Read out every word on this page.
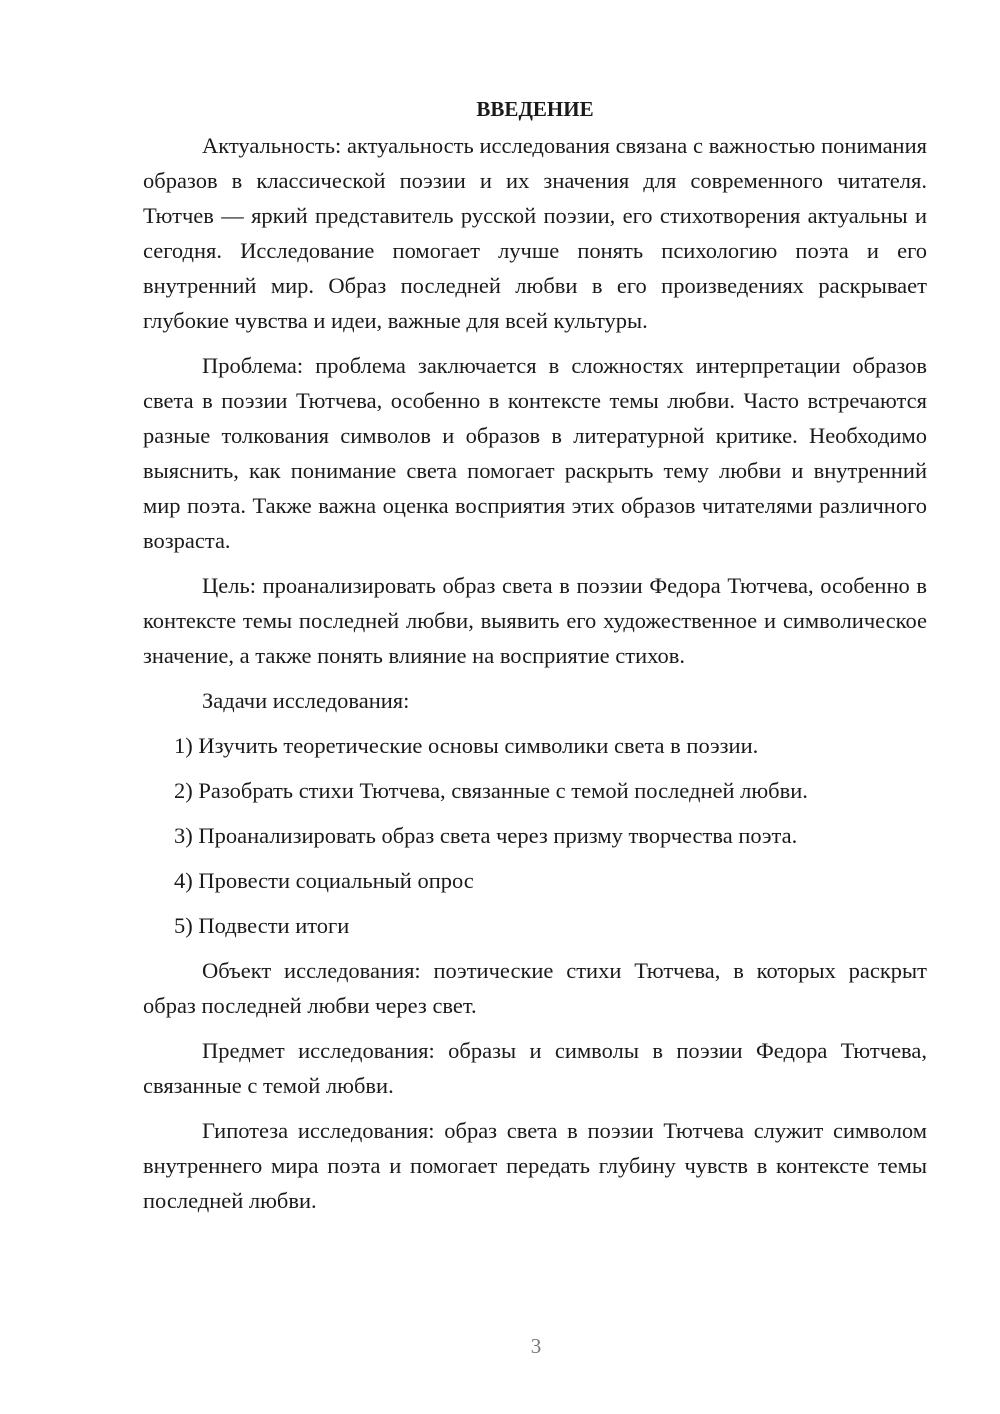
ВВЕДЕНИЕ

Актуальность: актуальность исследования связана с важностью понимания образов в классической поэзии и их значения для современного читателя. Тютчев — яркий представитель русской поэзии, его стихотворения актуальны и сегодня. Исследование помогает лучше понять психологию поэта и его внутренний мир. Образ последней любви в его произведениях раскрывает глубокие чувства и идеи, важные для всей культуры.

Проблема: проблема заключается в сложностях интерпретации образов света в поэзии Тютчева, особенно в контексте темы любви. Часто встречаются разные толкования символов и образов в литературной критике. Необходимо выяснить, как понимание света помогает раскрыть тему любви и внутренний мир поэта. Также важна оценка восприятия этих образов читателями различного возраста.

Цель: проанализировать образ света в поэзии Федора Тютчева, особенно в контексте темы последней любви, выявить его художественное и символическое значение, а также понять влияние на восприятие стихов.

Задачи исследования:

1) Изучить теоретические основы символики света в поэзии.
2) Разобрать стихи Тютчева, связанные с темой последней любви.
3) Проанализировать образ света через призму творчества поэта.
4) Провести социальный опрос
5) Подвести итоги

Объект исследования: поэтические стихи Тютчева, в которых раскрыт образ последней любви через свет.

Предмет исследования: образы и символы в поэзии Федора Тютчева, связанные с темой любви.

Гипотеза исследования: образ света в поэзии Тютчева служит символом внутреннего мира поэта и помогает передать глубину чувств в контексте темы последней любви.

3
